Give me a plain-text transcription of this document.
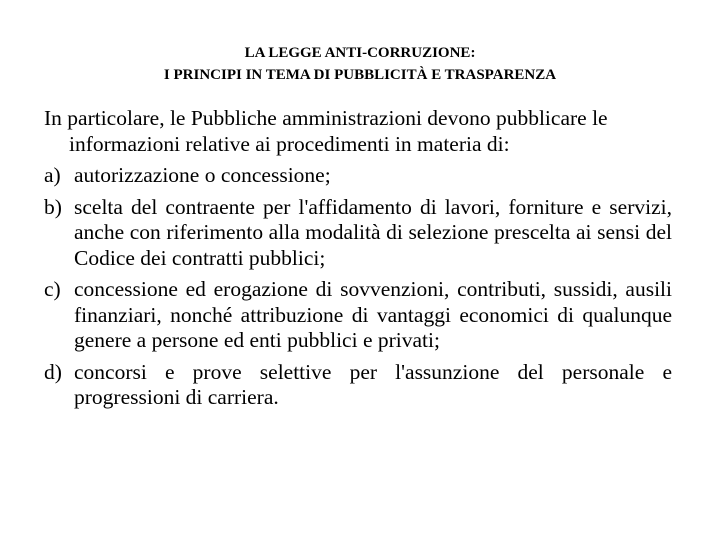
LA LEGGE ANTI-CORRUZIONE:
I PRINCIPI IN TEMA DI PUBBLICITÀ E TRASPARENZA

In particolare, le Pubbliche amministrazioni devono pubblicare le informazioni relative ai procedimenti in materia di:

a) autorizzazione o concessione;

b) scelta del contraente per l'affidamento di lavori, forniture e servizi, anche con riferimento alla modalità di selezione prescelta ai sensi del Codice dei contratti pubblici;

c) concessione ed erogazione di sovvenzioni, contributi, sussidi, ausili finanziari, nonché attribuzione di vantaggi economici di qualunque genere a persone ed enti pubblici e privati;

d) concorsi e prove selettive per l'assunzione del personale e progressioni di carriera.
